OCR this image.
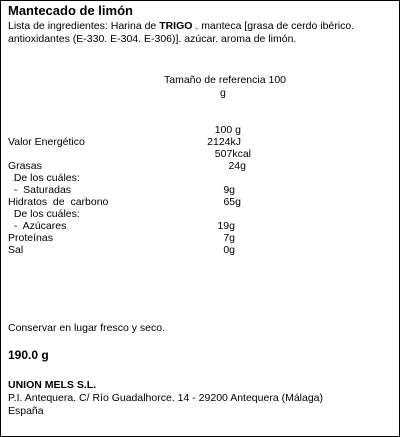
Mantecado de limón
Lista de ingredientes: Harina de TRIGO . manteca [grasa de cerdo ibérico. antioxidantes (E-330. E-304. E-306)]. azúcar. aroma de limón.
Tamaño de referencia 100
g
100 g
Valor Energético	2124kJ
507kcal
Grasas	24g
De los cuáles:
-  Saturadas	9g
Hidratos  de  carbono	65g
De los cuáles:
-  Azúcares	19g
Proteínas	7g
Sal	0g
Conservar en lugar fresco y seco.
190.0 g
UNION MELS S.L.
P.I. Antequera. C/ Río Guadalhorce. 14 - 29200 Antequera (Málaga)
España
